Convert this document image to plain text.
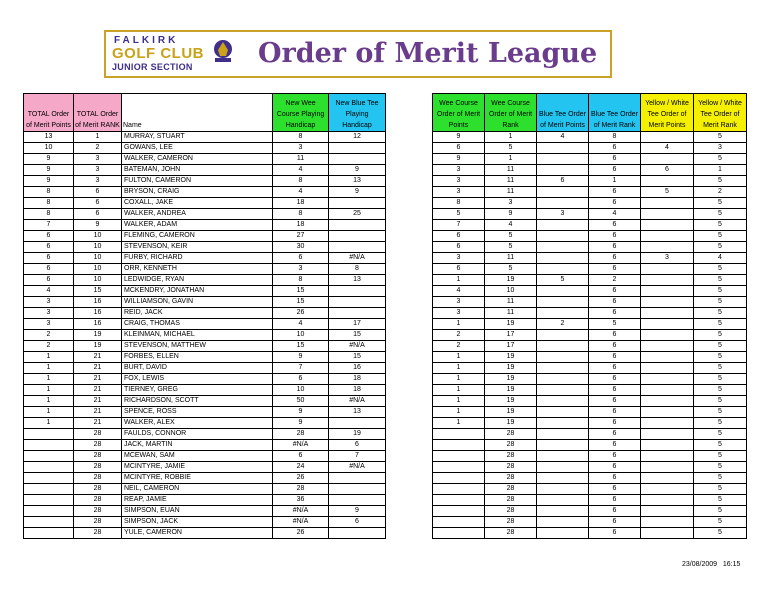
FALKIRK
GOLF CLUB
JUNIOR SECTION Order of Merit League
TOTAL Order of Merit Points	TOTAL Order of Merit RANK	Name	New Wee Course Playing Handicap	New Blue Tee Playing Handicap
13	1	MURRAY, STUART	8	12
10	2	GOWANS, LEE	3	
9	3	WALKER, CAMERON	11	
9	3	BATEMAN, JOHN	4	9
9	3	FULTON, CAMERON	8	13
8	6	BRYSON, CRAIG	4	9
8	6	COXALL, JAKE	18	
8	6	WALKER, ANDREA	8	25
7	9	WALKER, ADAM	18	
6	10	FLEMING, CAMERON	27	
6	10	STEVENSON, KEIR	30	
6	10	FURBY, RICHARD	6	#N/A
6	10	ORR, KENNETH	3	8
6	10	LEDWIDGE, RYAN	8	13
4	15	MCKENDRY, JONATHAN	15	
3	16	WILLIAMSON, GAVIN	15	
3	16	REID, JACK	26	
3	16	CRAIG, THOMAS	4	17
2	19	KLEINMAN, MICHAEL	10	15
2	19	STEVENSON, MATTHEW	15	#N/A
1	21	FORBES, ELLEN	9	15
1	21	BURT, DAVID	7	16
1	21	FOX, LEWIS	6	18
1	21	TIERNEY, GREG	10	18
1	21	RICHARDSON, SCOTT	50	#N/A
1	21	SPENCE, ROSS	9	13
1	21	WALKER, ALEX	9	
	28	FAULDS, CONNOR	28	19
	28	JACK, MARTIN	#N/A	6
	28	MCEWAN, SAM	6	7
	28	MCINTYRE, JAMIE	24	#N/A
	28	MCINTYRE, ROBBIE	26	
	28	NEIL, CAMERON	28	
	28	REAP, JAMIE	36	
	28	SIMPSON, EUAN	#N/A	9
	28	SIMPSON, JACK	#N/A	6
	28	YULE, CAMERON	26	
Wee Course Order of Merit Points	Wee Course Order of Merit Rank	Blue Tee Order of Merit Points	Blue Tee Order of Merit Rank	Yellow / White Tee Order of Merit Points	Yellow / White Tee Order of Merit Rank
9	1	4	8		5
6	5		6	4	3
9	1		6		5
3	11		6	6	1
3	11	6	1		5
3	11		6	5	2
8	3		6		5
5	9	3	4		5
7	4		6		5
6	5		6		5
6	5		6		5
3	11		6	3	4
6	5		6		5
1	19	5	2		5
4	10		6		5
3	11		6		5
3	11		6		5
1	19	2	5		5
2	17		6		5
2	17		6		5
1	19		6		5
1	19		6		5
1	19		6		5
1	19		6		5
1	19		6		5
1	19		6		5
1	19		6		5
	28		6		5
	28		6		5
	28		6		5
	28		6		5
	28		6		5
	28		6		5
	28		6		5
	28		6		5
	28		6		5
	28		6		5
23/08/2009 16:15
